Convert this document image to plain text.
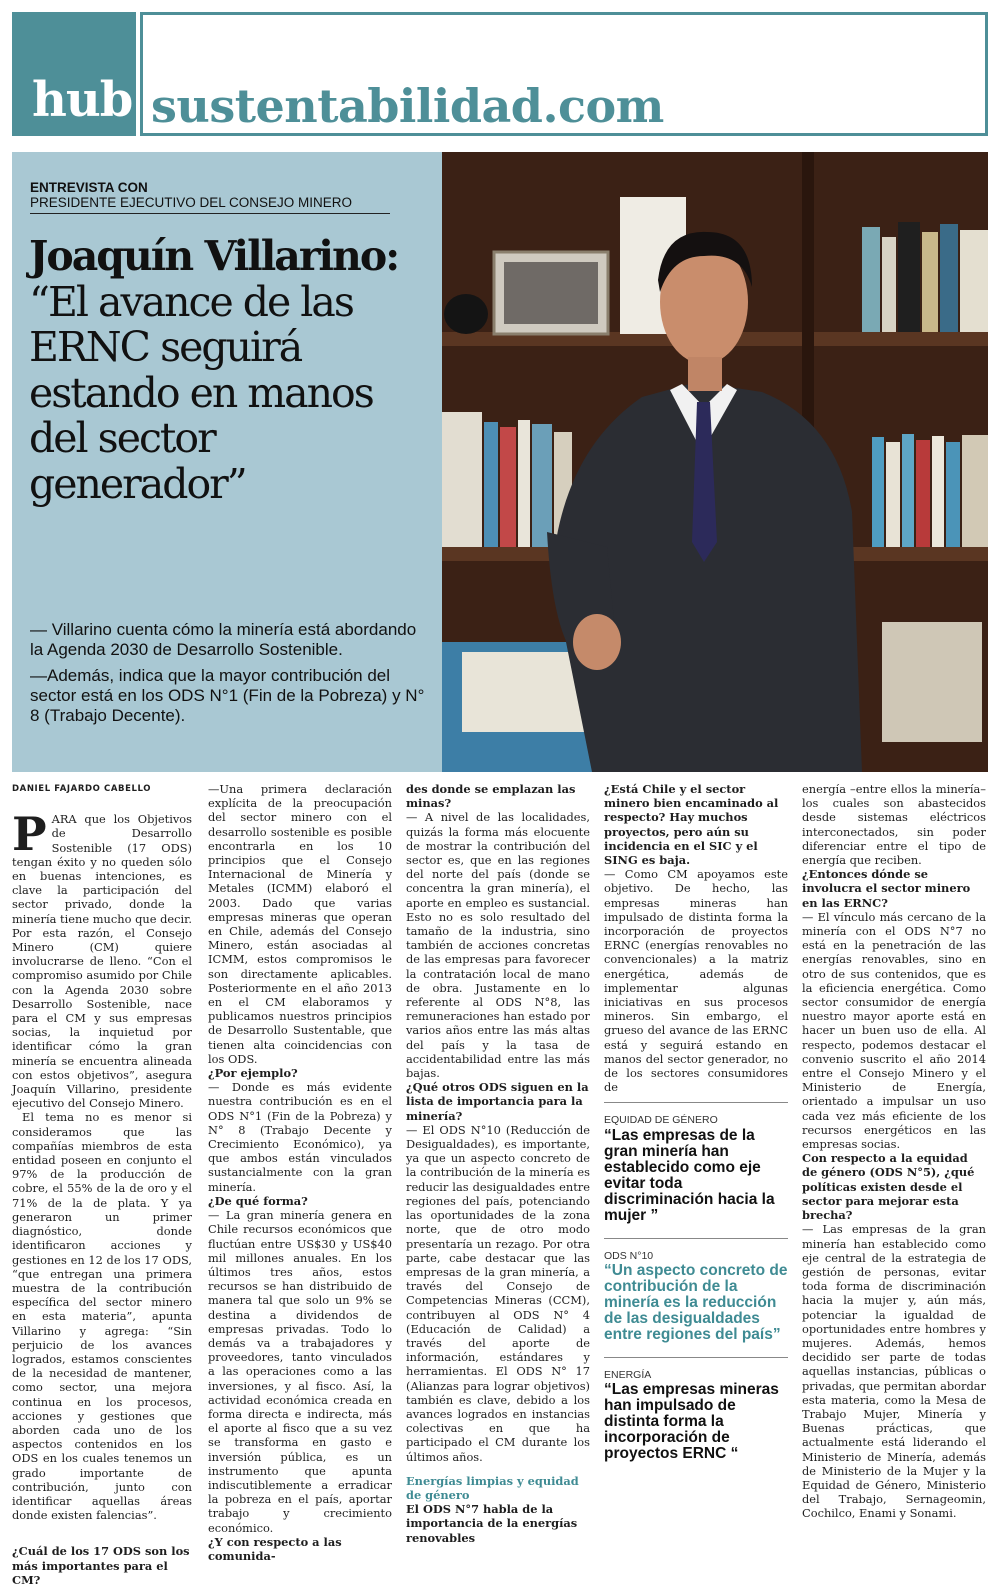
hub sustentabilidad.com
ENTREVISTA CON
PRESIDENTE EJECUTIVO DEL CONSEJO MINERO
Joaquín Villarino:
“El avance de las ERNC seguirá estando en manos del sector generador”

— Villarino cuenta cómo la minería está abordando la Agenda 2030 de Desarrollo Sostenible.

—Además, indica que la mayor contribución del sector está en los ODS N°1 (Fin de la Pobreza) y N° 8 (Trabajo Decente).

DANIEL FAJARDO CABELLO

PARA que los Objetivos de Desarrollo Sostenible (17 ODS) tengan éxito y no queden sólo en buenas intenciones, es clave la participación del sector privado, donde la minería tiene mucho que decir. Por esta razón, el Consejo Minero (CM) quiere involucrarse de lleno. “Con el compromiso asumido por Chile con la Agenda 2030 sobre Desarrollo Sostenible, nace para el CM y sus empresas socias, la inquietud por identificar cómo la gran minería se encuentra alineada con estos objetivos”, asegura Joaquín Villarino, presidente ejecutivo del Consejo Minero.

El tema no es menor si consideramos que las compañías miembros de esta entidad poseen en conjunto el 97% de la producción de cobre, el 55% de la de oro y el 71% de la de plata. Y ya generaron un primer diagnóstico, donde identificaron acciones y gestiones en 12 de los 17 ODS, “que entregan una primera muestra de la contribución específica del sector minero en esta materia”, apunta Villarino y agrega: “Sin perjuicio de los avances logrados, estamos conscientes de la necesidad de mantener, como sector, una mejora continua en los procesos, acciones y gestiones que aborden cada uno de los aspectos contenidos en los ODS en los cuales tenemos un grado importante de contribución, junto con identificar aquellas áreas donde existen falencias”.

¿Cuál de los 17 ODS son los más importantes para el CM?

—Una primera declaración explícita de la preocupación del sector minero con el desarrollo sostenible es posible encontrarla en los 10 principios que el Consejo Internacional de Minería y Metales (ICMM) elaboró el 2003. Dado que varias empresas mineras que operan en Chile, además del Consejo Minero, están asociadas al ICMM, estos compromisos le son directamente aplicables. Posteriormente en el año 2013 en el CM elaboramos y publicamos nuestros principios de Desarrollo Sustentable, que tienen alta coincidencias con los ODS.

¿Por ejemplo?

— Donde es más evidente nuestra contribución es en el ODS N°1 (Fin de la Pobreza) y N° 8 (Trabajo Decente y Crecimiento Económico), ya que ambos están vinculados sustancialmente con la gran minería.

¿De qué forma?

— La gran minería genera en Chile recursos económicos que fluctúan entre US$30 y US$40 mil millones anuales. En los últimos tres años, estos recursos se han distribuido de manera tal que solo un 9% se destina a dividendos de empresas privadas. Todo lo demás va a trabajadores y proveedores, tanto vinculados a las operaciones como a las inversiones, y al fisco. Así, la actividad económica creada en forma directa e indirecta, más el aporte al fisco que a su vez se transforma en gasto e inversión pública, es un instrumento que apunta indiscutiblemente a erradicar la pobreza en el país, aportar trabajo y crecimiento económico.

¿Y con respecto a las comunida-

des donde se emplazan las minas?

— A nivel de las localidades, quizás la forma más elocuente de mostrar la contribución del sector es, que en las regiones del norte del país (donde se concentra la gran minería), el aporte en empleo es sustancial. Esto no es solo resultado del tamaño de la industria, sino también de acciones concretas de las empresas para favorecer la contratación local de mano de obra. Justamente en lo referente al ODS N°8, las remuneraciones han estado por varios años entre las más altas del país y la tasa de accidentabilidad entre las más bajas.

¿Qué otros ODS siguen en la lista de importancia para la minería?

— El ODS N°10 (Reducción de Desigualdades), es importante, ya que un aspecto concreto de la contribución de la minería es reducir las desigualdades entre regiones del país, potenciando las oportunidades de la zona norte, que de otro modo presentaría un rezago. Por otra parte, cabe destacar que las empresas de la gran minería, a través del Consejo de Competencias Mineras (CCM), contribuyen al ODS N° 4 (Educación de Calidad) a través del aporte de información, estándares y herramientas. El ODS N° 17 (Alianzas para lograr objetivos) también es clave, debido a los avances logrados en instancias colectivas en que ha participado el CM durante los últimos años.

Energías limpias y equidad de género

El ODS N°7 habla de la importancia de la energías renovables

¿Está Chile y el sector minero bien encaminado al respecto? Hay muchos proyectos, pero aún su incidencia en el SIC y el SING es baja.

— Como CM apoyamos este objetivo. De hecho, las empresas mineras han impulsado de distinta forma la incorporación de proyectos ERNC (energías renovables no convencionales) a la matriz energética, además de implementar algunas iniciativas en sus procesos mineros. Sin embargo, el grueso del avance de las ERNC está y seguirá estando en manos del sector generador, no de los sectores consumidores de

EQUIDAD DE GÉNERO
“Las empresas de la gran minería han establecido como eje evitar toda discriminación hacia la mujer ”
ODS N°10
“Un aspecto concreto de contribución de la minería es la reducción de las desigualdades entre regiones del país”
ENERGÍA
“Las empresas mineras han impulsado de distinta forma la incorporación de proyectos ERNC “

energía –entre ellos la minería– los cuales son abastecidos desde sistemas eléctricos interconectados, sin poder diferenciar entre el tipo de energía que reciben.

¿Entonces dónde se involucra el sector minero en las ERNC?

— El vínculo más cercano de la minería con el ODS N°7 no está en la penetración de las energías renovables, sino en otro de sus contenidos, que es la eficiencia energética. Como sector consumidor de energía nuestro mayor aporte está en hacer un buen uso de ella. Al respecto, podemos destacar el convenio suscrito el año 2014 entre el Consejo Minero y el Ministerio de Energía, orientado a impulsar un uso cada vez más eficiente de los recursos energéticos en las empresas socias.

Con respecto a la equidad de género (ODS N°5), ¿qué políticas existen desde el sector para mejorar esta brecha?

— Las empresas de la gran minería han establecido como eje central de la estrategia de gestión de personas, evitar toda forma de discriminación hacia la mujer y, aún más, potenciar la igualdad de oportunidades entre hombres y mujeres. Además, hemos decidido ser parte de todas aquellas instancias, públicas o privadas, que permitan abordar esta materia, como la Mesa de Trabajo Mujer, Minería y Buenas prácticas, que actualmente está liderando el Ministerio de Minería, además de Ministerio de la Mujer y la Equidad de Género, Ministerio del Trabajo, Sernageomin, Cochilco, Enami y Sonami.
